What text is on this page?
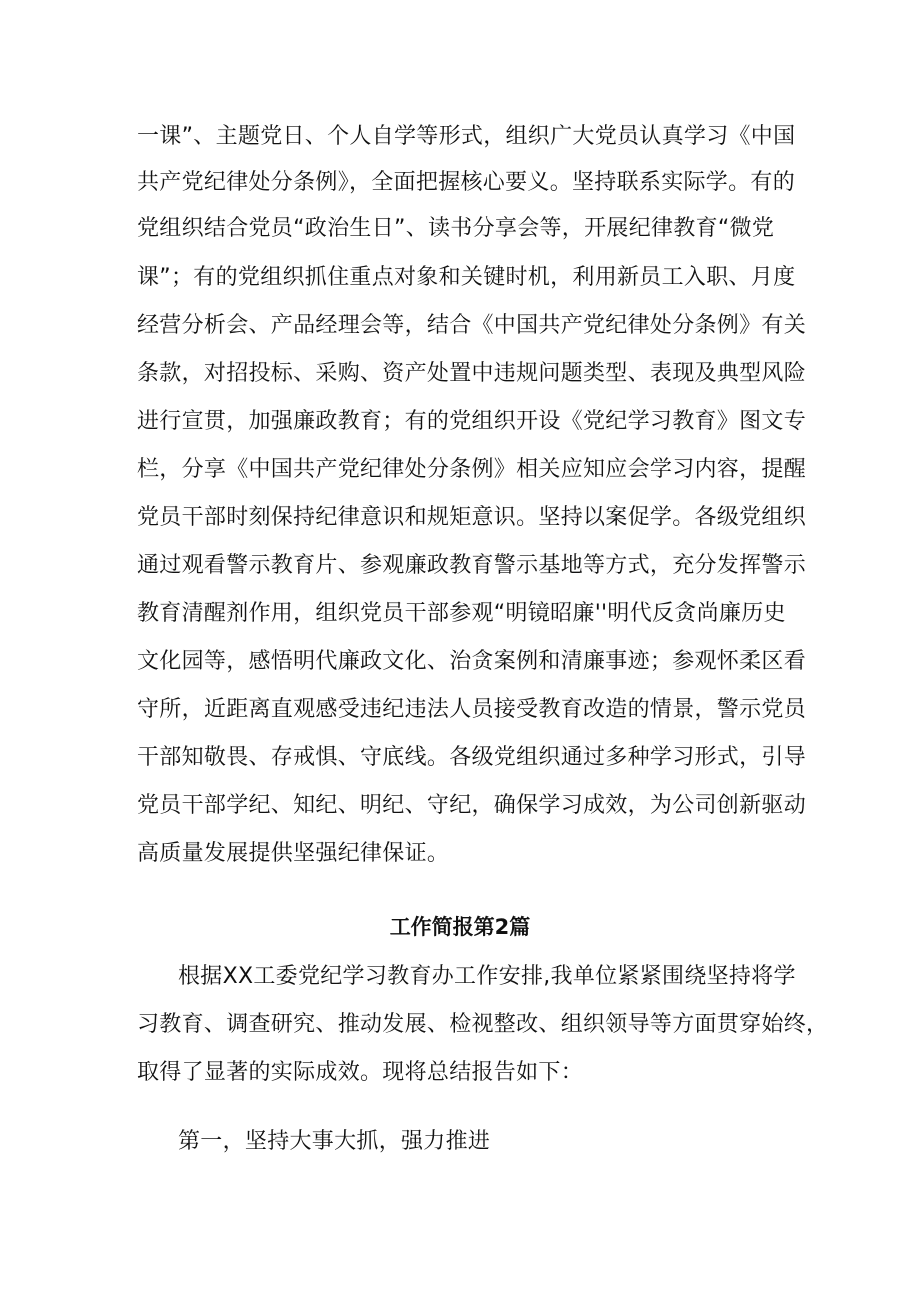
一课”、主题党日、个人自学等形式，组织广大党员认真学习《中国
共产党纪律处分条例》，全面把握核心要义。坚持联系实际学。有的
党组织结合党员“政治生日”、读书分享会等，开展纪律教育“微党
课”；有的党组织抓住重点对象和关键时机，利用新员工入职、月度
经营分析会、产品经理会等，结合《中国共产党纪律处分条例》有关
条款，对招投标、采购、资产处置中违规问题类型、表现及典型风险
进行宣贯，加强廉政教育；有的党组织开设《党纪学习教育》图文专
栏，分享《中国共产党纪律处分条例》相关应知应会学习内容，提醒
党员干部时刻保持纪律意识和规矩意识。坚持以案促学。各级党组织
通过观看警示教育片、参观廉政教育警示基地等方式，充分发挥警示
教育清醒剂作用，组织党员干部参观“明镜昭廉''明代反贪尚廉历史
文化园等，感悟明代廉政文化、治贪案例和清廉事迹；参观怀柔区看
守所，近距离直观感受违纪违法人员接受教育改造的情景，警示党员
干部知敬畏、存戒惧、守底线。各级党组织通过多种学习形式，引导
党员干部学纪、知纪、明纪、守纪，确保学习成效，为公司创新驱动
高质量发展提供坚强纪律保证。
工作简报第2篇
根据XX工委党纪学习教育办工作安排,我单位紧紧围绕坚持将学
习教育、调查研究、推动发展、检视整改、组织领导等方面贯穿始终，
取得了显著的实际成效。现将总结报告如下：
第一，坚持大事大抓，强力推进
